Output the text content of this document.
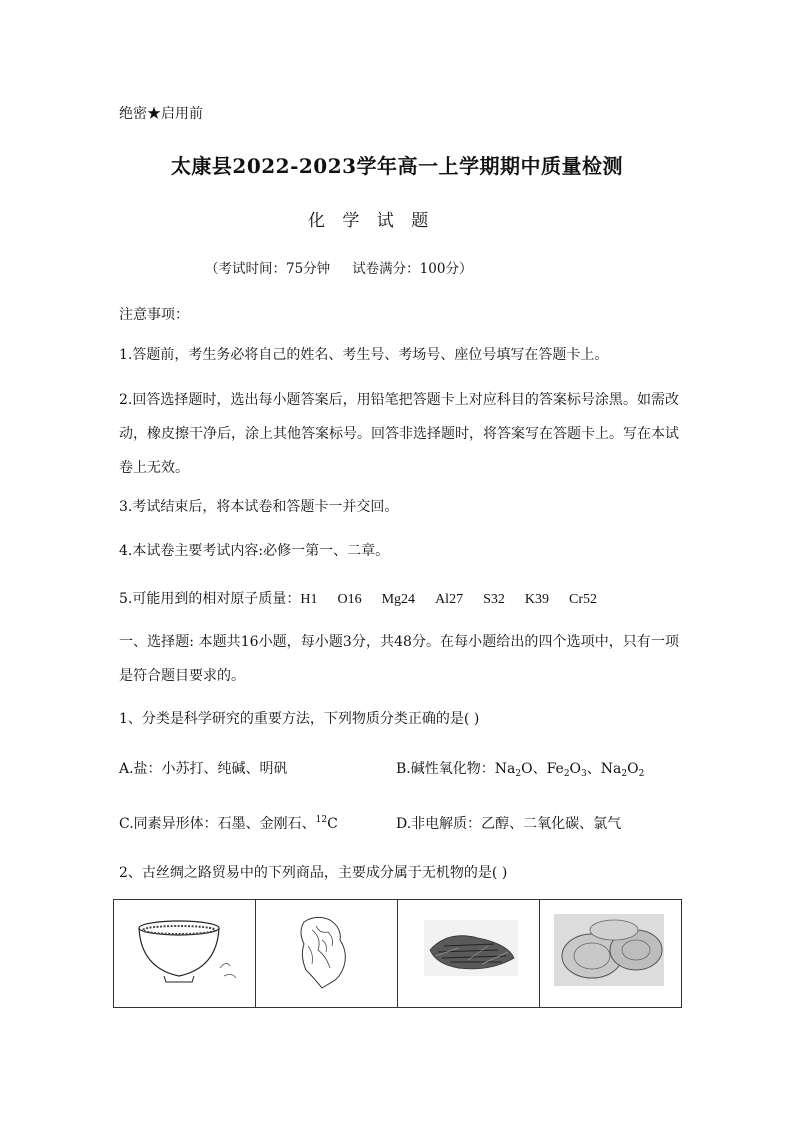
绝密★启用前
太康县2022-2023学年高一上学期期中质量检测
化 学 试 题
（考试时间：75分钟 试卷满分：100分）
注意事项：
1.答题前，考生务必将自己的姓名、考生号、考场号、座位号填写在答题卡上。
2.回答选择题时，选出每小题答案后，用铅笔把答题卡上对应科目的答案标号涂黑。如需改动，橡皮擦干净后，涂上其他答案标号。回答非选择题时，将答案写在答题卡上。写在本试卷上无效。
3.考试结束后，将本试卷和答题卡一并交回。
4.本试卷主要考试内容:必修一第一、二章。
5.可能用到的相对原子质量：H1 O16 Mg24 Al27 S32 K39 Cr52
一、选择题: 本题共16小题，每小题3分，共48分。在每小题给出的四个选项中，只有一项是符合题目要求的。
1、分类是科学研究的重要方法，下列物质分类正确的是( )
A.盐：小苏打、纯碱、明矾	B.碱性氧化物：$Na_2O$、$Fe_2O_3$、$Na_2O_2$
C.同素异形体：石墨、金刚石、$^{12}$C	D.非电解质：乙醇、二氧化碳、氯气
2、古丝绸之路贸易中的下列商品，主要成分属于无机物的是( )
